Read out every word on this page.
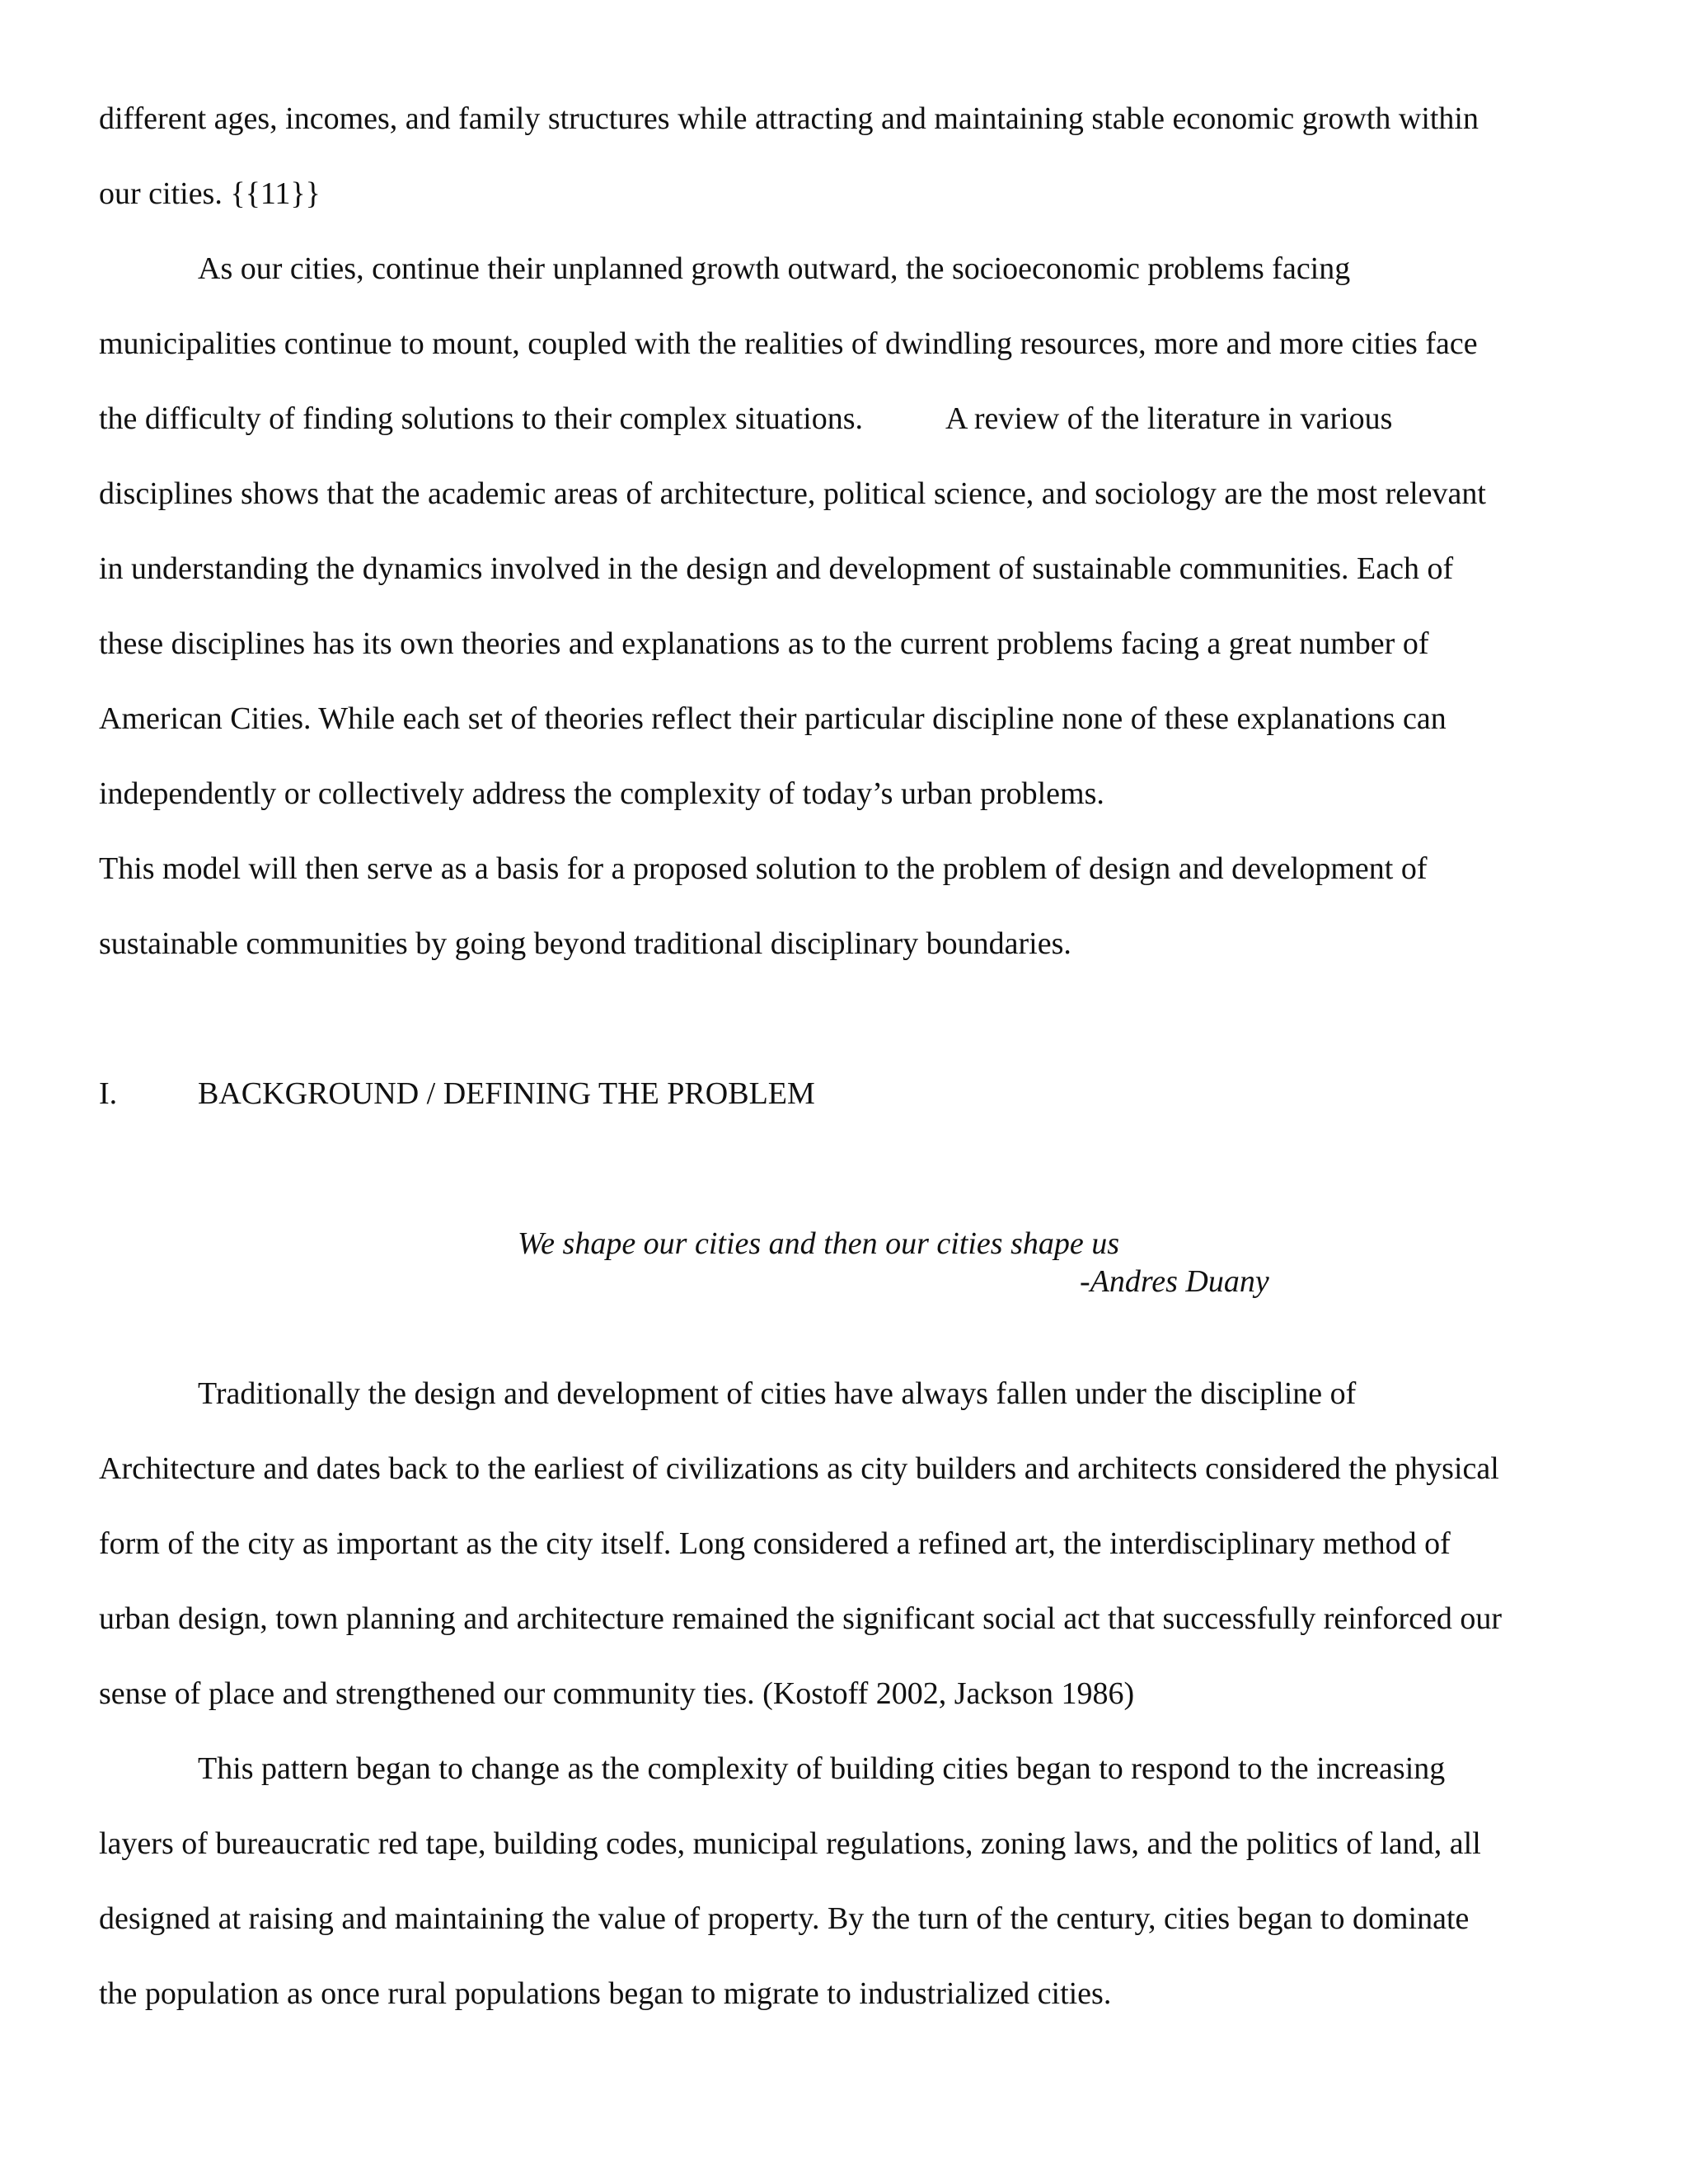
different ages, incomes, and family structures while attracting and maintaining stable economic growth within
our cities. {{11}}
As our cities, continue their unplanned growth outward, the socioeconomic problems facing
municipalities continue to mount, coupled with the realities of dwindling resources, more and more cities face
the difficulty of finding solutions to their complex situations.	A review of the literature in various
disciplines shows that the academic areas of architecture, political science, and sociology are the most relevant
in understanding the dynamics involved in the design and development of sustainable communities. Each of
these disciplines has its own theories and explanations as to the current problems facing a great number of
American Cities. While each set of theories reflect their particular discipline none of these explanations can
independently or collectively address the complexity of today’s urban problems.
This model will then serve as a basis for a proposed solution to the problem of design and development of
sustainable communities by going beyond traditional disciplinary boundaries.
I.	BACKGROUND / DEFINING THE PROBLEM
We shape our cities and then our cities shape us
-Andres Duany
Traditionally the design and development of cities have always fallen under the discipline of
Architecture and dates back to the earliest of civilizations as city builders and architects considered the physical
form of the city as important as the city itself. Long considered a refined art, the interdisciplinary method of
urban design, town planning and architecture remained the significant social act that successfully reinforced our
sense of place and strengthened our community ties. (Kostoff 2002, Jackson 1986)
This pattern began to change as the complexity of building cities began to respond to the increasing
layers of bureaucratic red tape, building codes, municipal regulations, zoning laws, and the politics of land, all
designed at raising and maintaining the value of property. By the turn of the century, cities began to dominate
the population as once rural populations began to migrate to industrialized cities.
